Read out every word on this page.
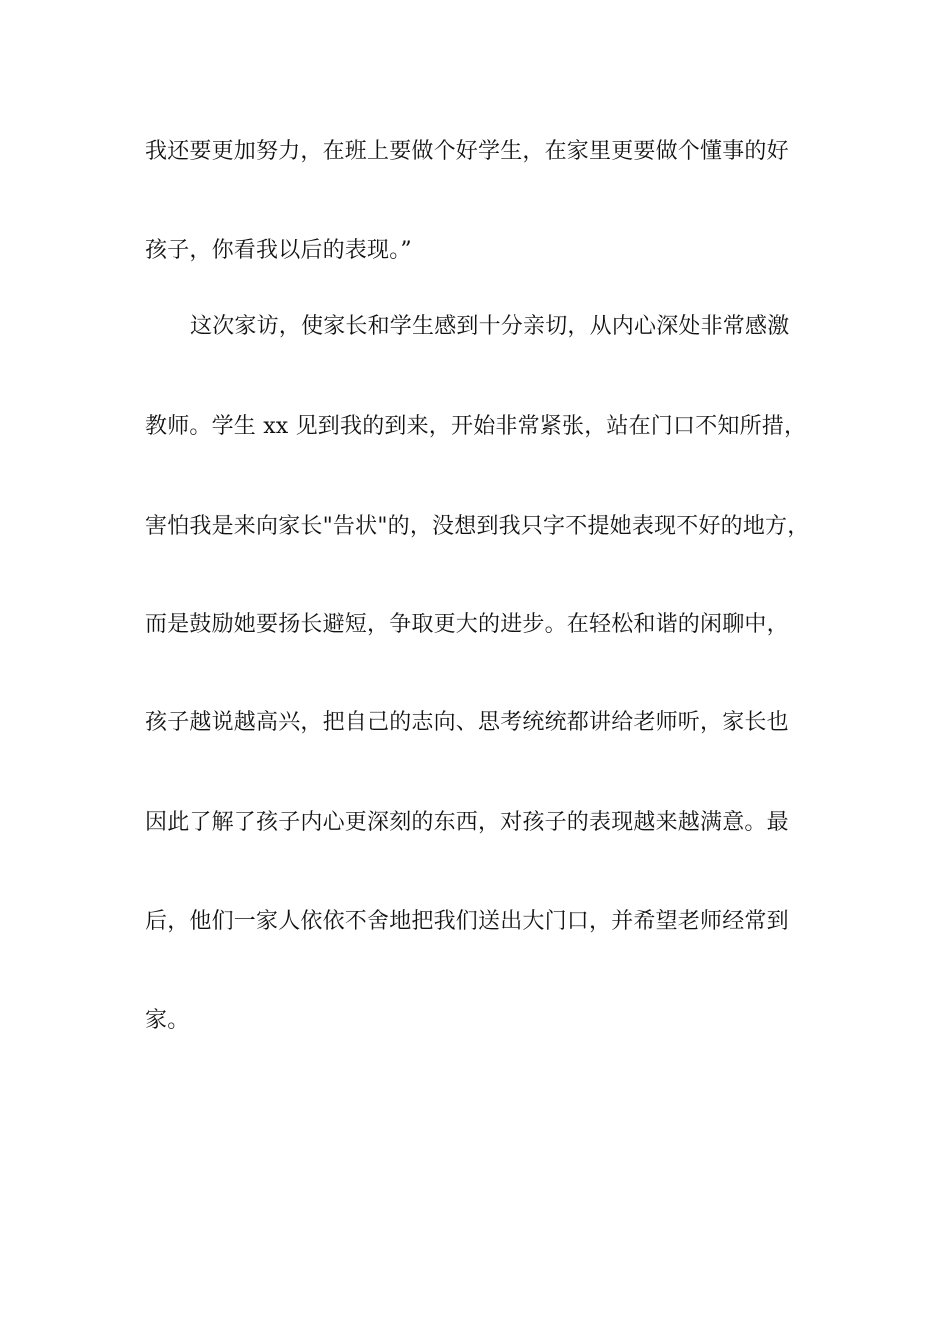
我还要更加努力，在班上要做个好学生，在家里更要做个懂事的好
孩子，你看我以后的表现。”
这次家访，使家长和学生感到十分亲切，从内心深处非常感激
教师。学生 xx 见到我的到来，开始非常紧张，站在门口不知所措，
害怕我是来向家长"告状"的，没想到我只字不提她表现不好的地方，
而是鼓励她要扬长避短，争取更大的进步。在轻松和谐的闲聊中，
孩子越说越高兴，把自己的志向、思考统统都讲给老师听，家长也
因此了解了孩子内心更深刻的东西，对孩子的表现越来越满意。最
后，他们一家人依依不舍地把我们送出大门口，并希望老师经常到
家。
